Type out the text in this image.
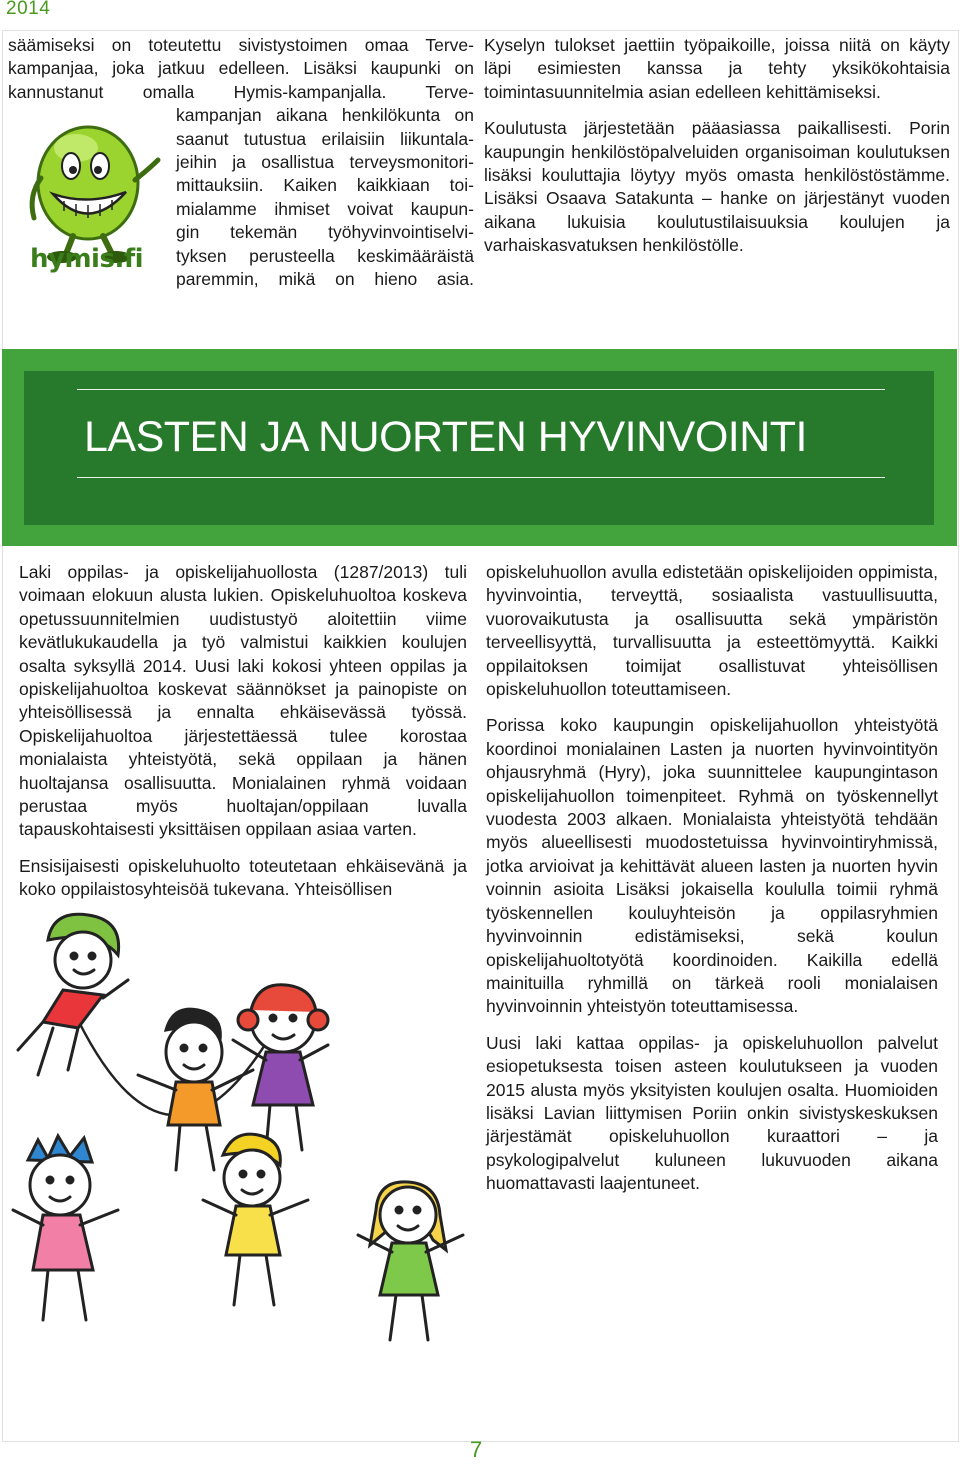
2014
säämiseksi on toteutettu sivistystoimen omaa Terve-
kampanjaa, joka jatkuu edelleen. Lisäksi kaupunki on
kannustanut omalla Hymis-kampanjalla. Terve-
hymis.fi
kampanjan aikana henkilökunta on
saanut tutustua erilaisiin liikuntala-
jeihin ja osallistua terveysmonitori-
mittauksiin. Kaiken kaikkiaan toi-
mialamme ihmiset voivat kaupun-
gin tekemän työhyvinvointiselvi-
tyksen perusteella keskimääräistä
paremmin, mikä on hieno asia.

Kyselyn tulokset jaettiin työpaikoille, joissa niitä on käyty läpi esimiesten kanssa ja tehty yksikökohtaisia toimintasuunnitelmia asian edelleen kehittämiseksi.

Koulutusta järjestetään pääasiassa paikallisesti. Porin kaupungin henkilöstöpalveluiden organisoiman koulutuksen lisäksi kouluttajia löytyy myös omasta henkilöstöstämme. Lisäksi Osaava Satakunta – hanke on järjestänyt vuoden aikana lukuisia koulutustilaisuuksia koulujen ja varhaiskasvatuksen henkilöstölle.

LASTEN JA NUORTEN HYVINVOINTI

Laki oppilas- ja opiskelijahuollosta (1287/2013) tuli voimaan elokuun alusta lukien. Opiskeluhuoltoa koskeva opetussuunnitelmien uudistustyö aloitettiin viime kevätlukukaudella ja työ valmistui kaikkien koulujen osalta syksyllä 2014. Uusi laki kokosi yhteen oppilas ja opiskelijahuoltoa koskevat säännökset ja painopiste on yhteisöllisessä ja ennalta ehkäisevässä työssä. Opiskelijahuoltoa järjestettäessä tulee korostaa monialaista yhteistyötä, sekä oppilaan ja hänen huoltajansa osallisuutta. Monialainen ryhmä voidaan perustaa myös huoltajan/oppilaan luvalla tapauskohtaisesti yksittäisen oppilaan asiaa varten.

Ensisijaisesti opiskeluhuolto toteutetaan ehkäisevänä ja koko oppilaistosyhteisöä tukevana. Yhteisöllisen

opiskeluhuollon avulla edistetään opiskelijoiden oppimista, hyvinvointia, terveyttä, sosiaalista vastuullisuutta, vuorovaikutusta ja osallisuutta sekä ympäristön terveellisyyttä, turvallisuutta ja esteettömyyttä. Kaikki oppilaitoksen toimijat osallistuvat yhteisöllisen opiskeluhuollon toteuttamiseen.

Porissa koko kaupungin opiskelijahuollon yhteistyötä koordinoi monialainen Lasten ja nuorten hyvinvointityön ohjausryhmä (Hyry), joka suunnittelee kaupungintason opiskelijahuollon toimenpiteet. Ryhmä on työskennellyt vuodesta 2003 alkaen. Monialaista yhteistyötä tehdään myös alueellisesti muodostetuissa hyvinvointiryhmissä, jotka arvioivat ja kehittävät alueen lasten ja nuorten hyvin voinnin asioita Lisäksi jokaisella koululla toimii ryhmä työskennellen kouluyhteisön ja oppilasryhmien hyvinvoinnin edistämiseksi, sekä koulun opiskelijahuoltotyötä koordinoiden. Kaikilla edellä mainituilla ryhmillä on tärkeä rooli monialaisen hyvinvoinnin yhteistyön toteuttamisessa.

Uusi laki kattaa oppilas- ja opiskeluhuollon palvelut esiopetuksesta toisen asteen koulutukseen ja vuoden 2015 alusta myös yksityisten koulujen osalta. Huomioiden lisäksi Lavian liittymisen Poriin onkin sivistyskeskuksen järjestämät opiskeluhuollon kuraattori – ja psykologipalvelut kuluneen lukuvuoden aikana huomattavasti laajentuneet.

7
